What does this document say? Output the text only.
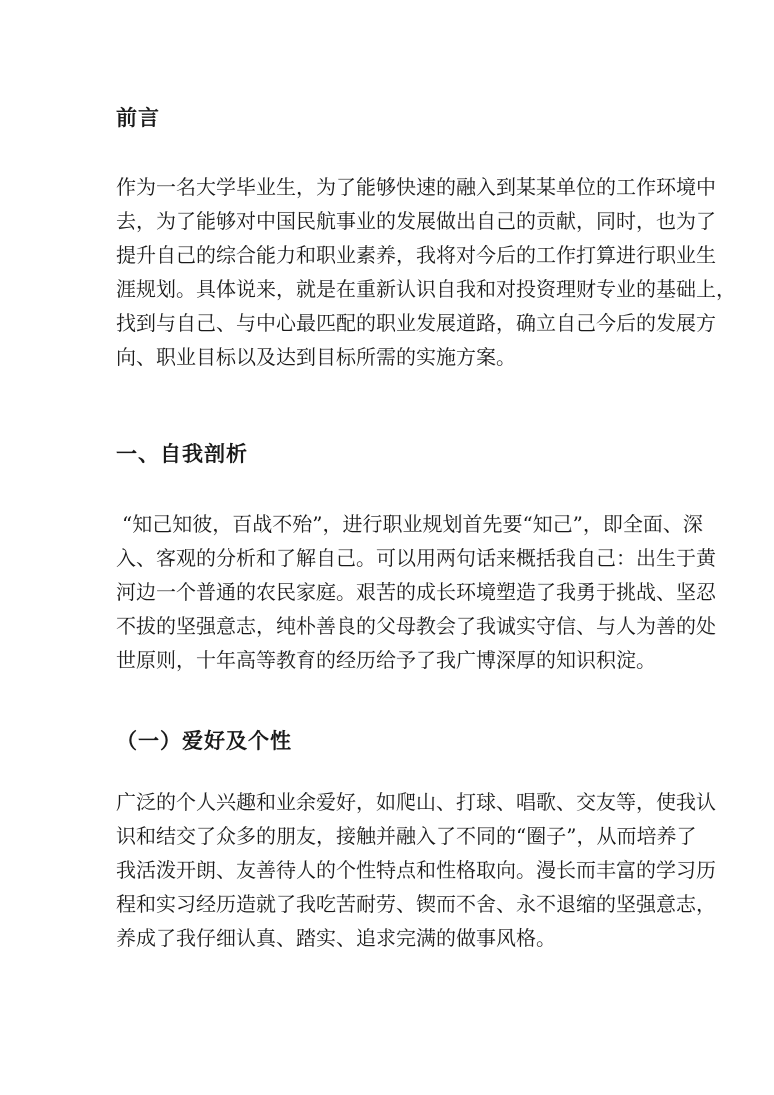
前言
作为一名大学毕业生，为了能够快速的融入到某某单位的工作环境中
去，为了能够对中国民航事业的发展做出自己的贡献，同时，也为了
提升自己的综合能力和职业素养，我将对今后的工作打算进行职业生
涯规划。具体说来，就是在重新认识自我和对投资理财专业的基础上，
找到与自己、与中心最匹配的职业发展道路，确立自己今后的发展方
向、职业目标以及达到目标所需的实施方案。
一、自我剖析
“知己知彼，百战不殆”，进行职业规划首先要“知己”，即全面、深
入、客观的分析和了解自己。可以用两句话来概括我自己：出生于黄
河边一个普通的农民家庭。艰苦的成长环境塑造了我勇于挑战、坚忍
不拔的坚强意志，纯朴善良的父母教会了我诚实守信、与人为善的处
世原则，十年高等教育的经历给予了我广博深厚的知识积淀。
（一）爱好及个性
广泛的个人兴趣和业余爱好，如爬山、打球、唱歌、交友等，使我认
识和结交了众多的朋友，接触并融入了不同的“圈子”，从而培养了
我活泼开朗、友善待人的个性特点和性格取向。漫长而丰富的学习历
程和实习经历造就了我吃苦耐劳、锲而不舍、永不退缩的坚强意志，
养成了我仔细认真、踏实、追求完满的做事风格。
